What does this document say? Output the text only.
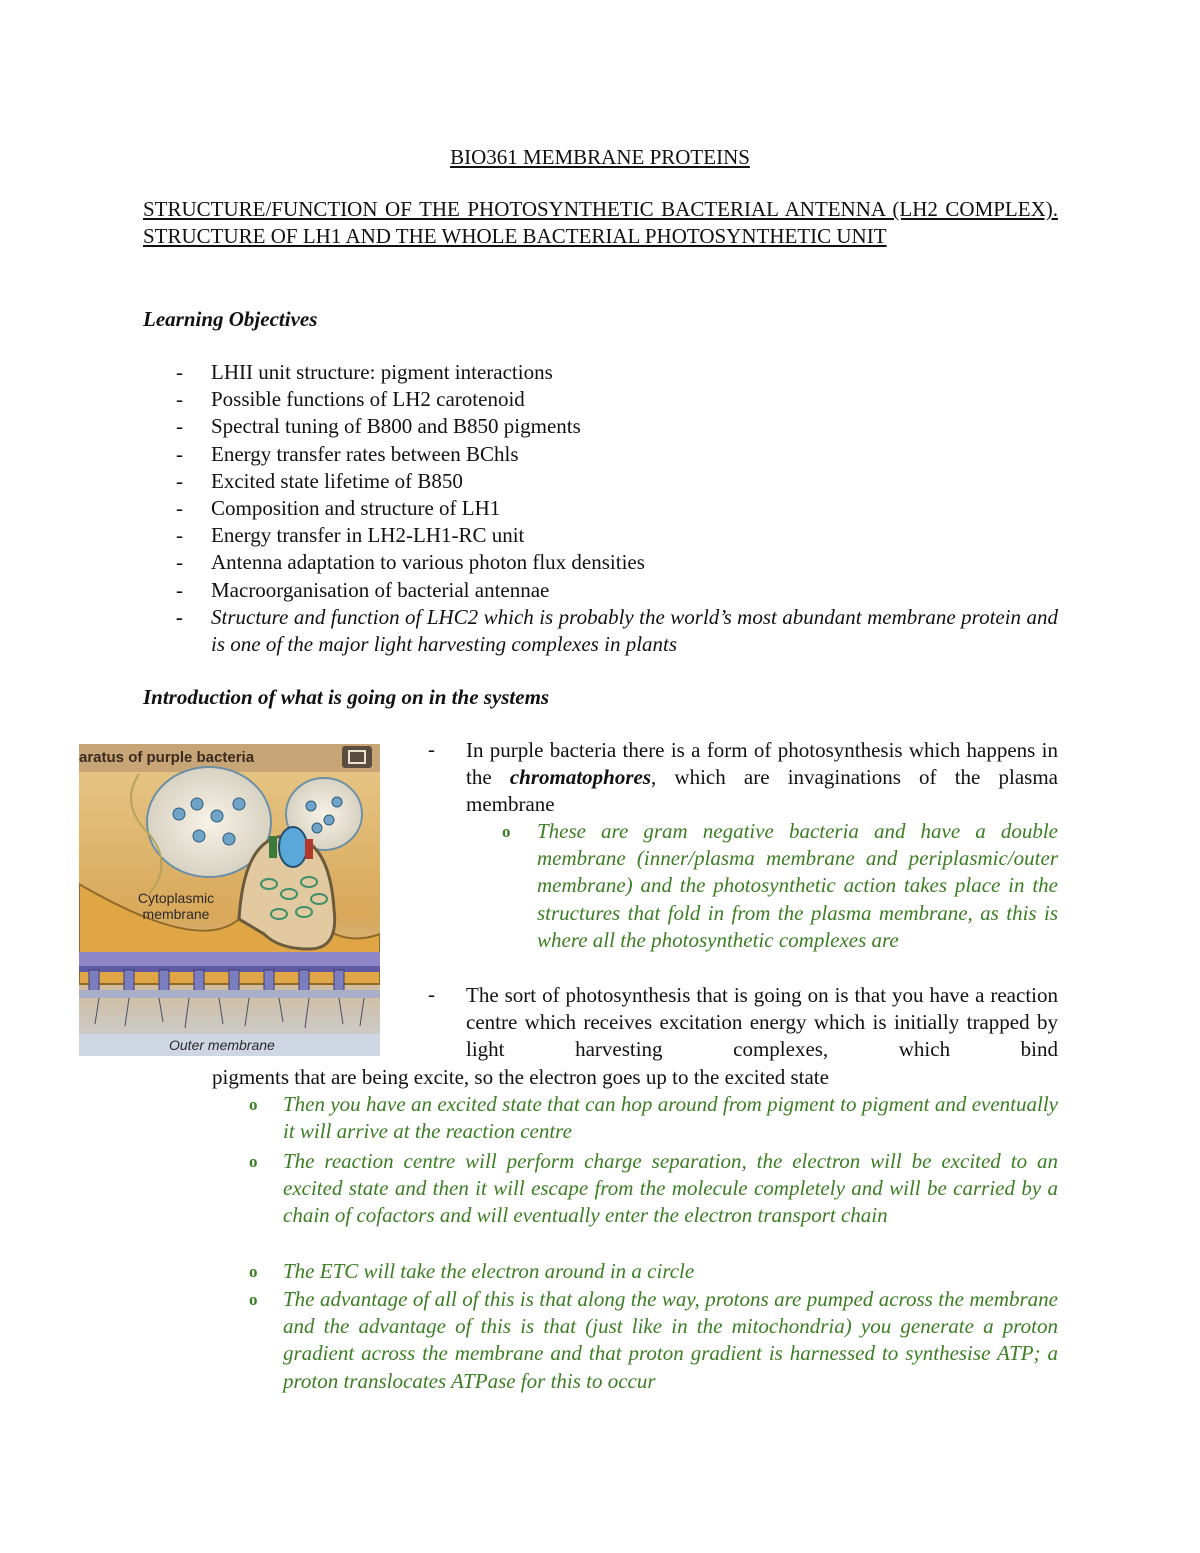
BIO361 MEMBRANE PROTEINS
STRUCTURE/FUNCTION OF THE PHOTOSYNTHETIC BACTERIAL ANTENNA (LH2 COMPLEX). STRUCTURE OF LH1 AND THE WHOLE BACTERIAL PHOTOSYNTHETIC UNIT
Learning Objectives
- LHII unit structure: pigment interactions
- Possible functions of LH2 carotenoid
- Spectral tuning of B800 and B850 pigments
- Energy transfer rates between BChls
- Excited state lifetime of B850
- Composition and structure of LH1
- Energy transfer in LH2-LH1-RC unit
- Antenna adaptation to various photon flux densities
- Macroorganisation of bacterial antennae
- Structure and function of LHC2 which is probably the world’s most abundant membrane protein and is one of the major light harvesting complexes in plants
Introduction of what is going on in the systems
aratus of purple bacteria
Cytoplasmic membrane
Outer membrane
- In purple bacteria there is a form of photosynthesis which happens in the chromatophores, which are invaginations of the plasma membrane
o These are gram negative bacteria and have a double membrane (inner/plasma membrane and periplasmic/outer membrane) and the photosynthetic action takes place in the structures that fold in from the plasma membrane, as this is where all the photosynthetic complexes are
- The sort of photosynthesis that is going on is that you have a reaction centre which receives excitation energy which is initially trapped by light harvesting complexes, which bind
pigments that are being excite, so the electron goes up to the excited state
o Then you have an excited state that can hop around from pigment to pigment and eventually it will arrive at the reaction centre
o The reaction centre will perform charge separation, the electron will be excited to an excited state and then it will escape from the molecule completely and will be carried by a chain of cofactors and will eventually enter the electron transport chain
o The ETC will take the electron around in a circle
o The advantage of all of this is that along the way, protons are pumped across the membrane and the advantage of this is that (just like in the mitochondria) you generate a proton gradient across the membrane and that proton gradient is harnessed to synthesise ATP; a proton translocates ATPase for this to occur
